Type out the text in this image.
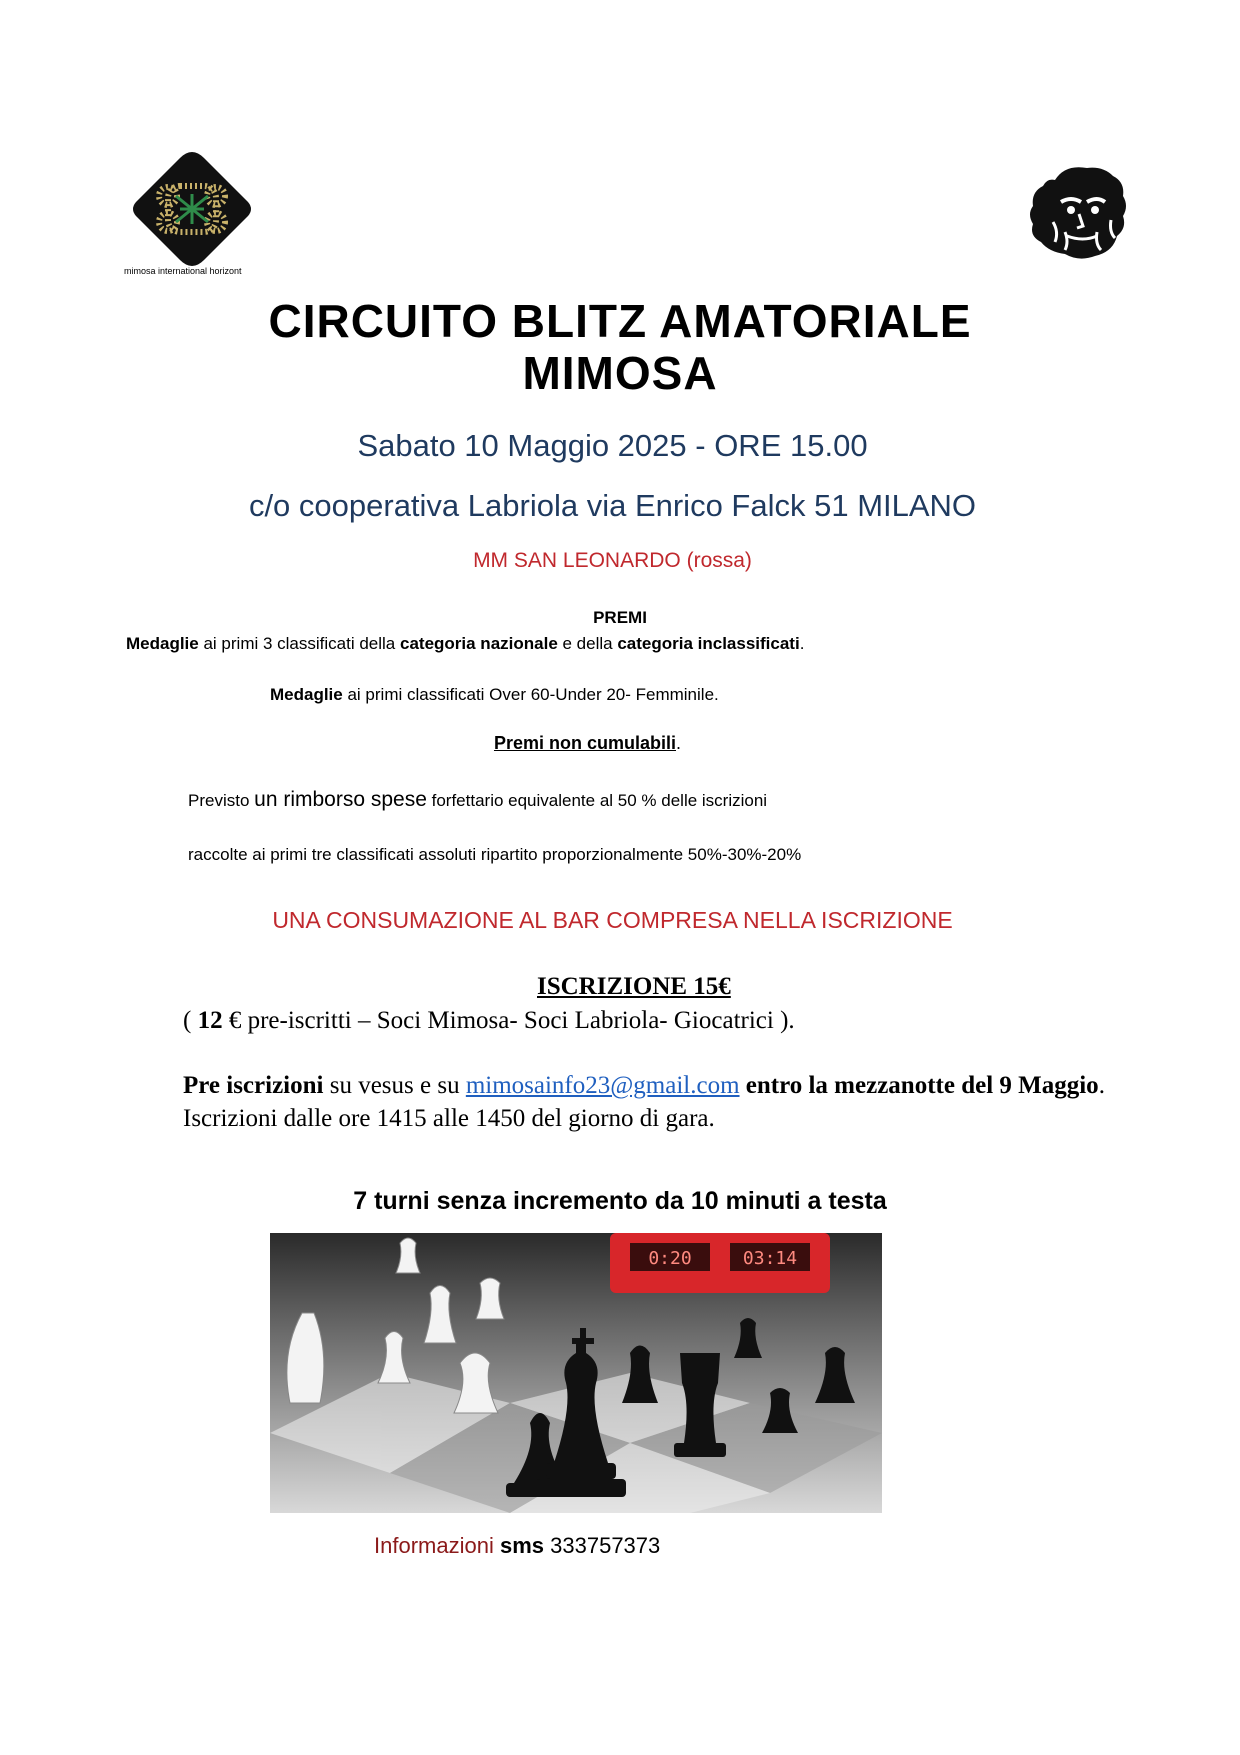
mimosa international horizont
CIRCUITO BLITZ AMATORIALE
MIMOSA
Sabato 10 Maggio 2025 - ORE 15.00
c/o cooperativa Labriola via Enrico Falck 51 MILANO
MM SAN LEONARDO (rossa)
PREMI
Medaglie ai primi 3 classificati della categoria nazionale e della categoria inclassificati.
Medaglie ai primi classificati Over 60-Under 20- Femminile.
Premi non cumulabili.
Previsto un rimborso spese forfettario equivalente al 50 % delle iscrizioni
raccolte ai primi tre classificati assoluti ripartito proporzionalmente 50%-30%-20%
UNA CONSUMAZIONE AL BAR COMPRESA NELLA ISCRIZIONE
ISCRIZIONE 15€
( 12 € pre-iscritti – Soci Mimosa- Soci Labriola- Giocatrici ).
Pre iscrizioni su vesus e su mimosainfo23@gmail.com entro la mezzanotte del 9 Maggio. Iscrizioni dalle ore 1415 alle 1450 del giorno di gara.
7 turni senza incremento da 10 minuti a testa
0:20	03:14
Informazioni sms 333757373
